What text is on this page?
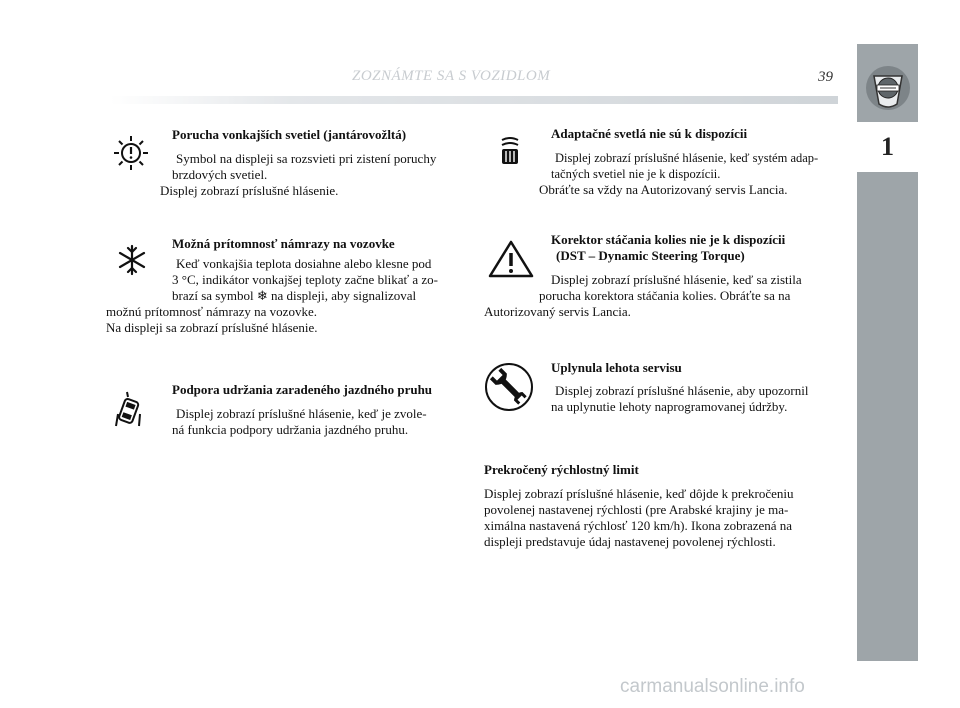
ZOZNÁMTE SA S VOZIDLOM	39
1
Porucha vonkajších svetiel (jantárovožltá)

Symbol na displeji sa rozsvieti pri zistení poruchy
brzdových svetiel.

Displej zobrazí príslušné hlásenie.
Možná prítomnosť námrazy na vozovke

Keď vonkajšia teplota dosiahne alebo klesne pod
3 °C, indikátor vonkajšej teploty začne blikať a zo-
brazí sa symbol ❄ na displeji, aby signalizoval

možnú prítomnosť námrazy na vozovke.
Na displeji sa zobrazí príslušné hlásenie.

Podpora udržania zaradeného jazdného pruhu

Displej zobrazí príslušné hlásenie, keď je zvole-
ná funkcia podpory udržania jazdného pruhu.

Adaptačné svetlá nie sú k dispozícii

Displej zobrazí príslušné hlásenie, keď systém adap-
tačných svetiel nie je k dispozícii.

Obráťte sa vždy na Autorizovaný servis Lancia.
Korektor stáčania kolies nie je k dispozícii
(DST – Dynamic Steering Torque)

Displej zobrazí príslušné hlásenie, keď sa zistila
porucha korektora stáčania kolies. Obráťte sa na

Autorizovaný servis Lancia.
Uplynula lehota servisu

Displej zobrazí príslušné hlásenie, aby upozornil
na uplynutie lehoty naprogramovanej údržby.

Prekročený rýchlostný limit

Displej zobrazí príslušné hlásenie, keď dôjde k prekročeniu
povolenej nastavenej rýchlosti (pre Arabské krajiny je ma-
ximálna nastavená rýchlosť 120 km/h). Ikona zobrazená na
displeji predstavuje údaj nastavenej povolenej rýchlosti.

carmanualsonline.info
